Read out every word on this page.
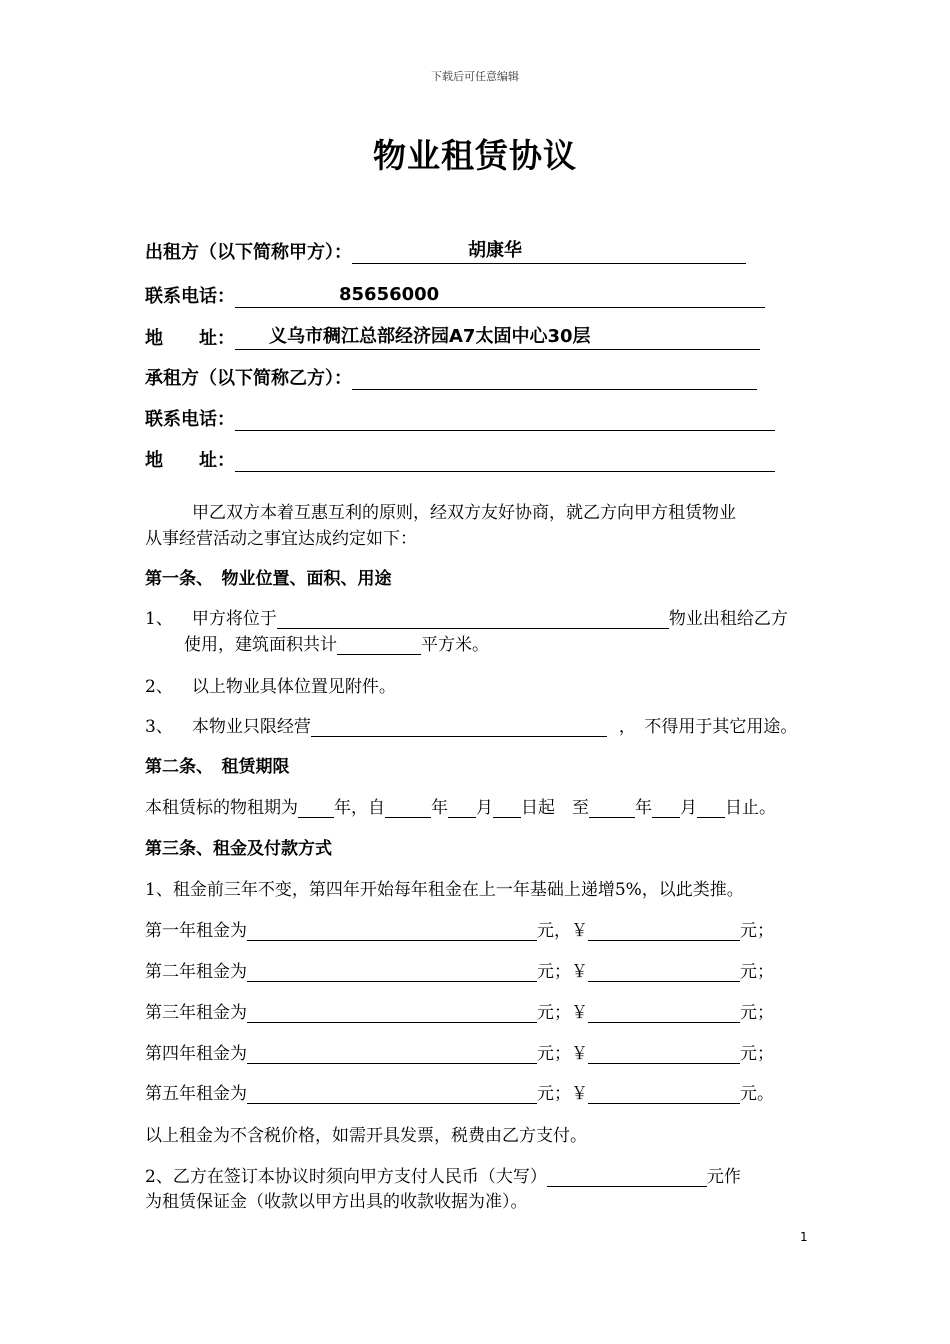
下载后可任意编辑
物业租赁协议
出租方（以下简称甲方）：	胡康华
联系电话：	85656000
地　　址： 义乌市稠江总部经济园A7太固中心30层
承租方（以下简称乙方）：
联系电话：
地　　址：
甲乙双方本着互惠互利的原则，经双方友好协商，就乙方向甲方租赁物业
从事经营活动之事宜达成约定如下：
第一条、　物业位置、面积、用途
1、 甲方将位于	物业出租给乙方
使用，建筑面积共计	平方米。
2、 以上物业具体位置见附件。
3、 本物业只限经营	，　不得用于其它用途。
第二条、　租赁期限
本租赁标的物租期为 年，自	年 月 日起　至	年 月 日止。
第三条、租金及付款方式
1、租金前三年不变，第四年开始每年租金在上一年基础上递增5%，以此类推。
第一年租金为	元，￥	元；
第二年租金为	元；￥	元；
第三年租金为	元；￥	元；
第四年租金为	元；￥	元；
第五年租金为	元；￥	元。
以上租金为不含税价格，如需开具发票，税费由乙方支付。
2、乙方在签订本协议时须向甲方支付人民币（大写）	元作
为租赁保证金（收款以甲方出具的收款收据为准）。
1
